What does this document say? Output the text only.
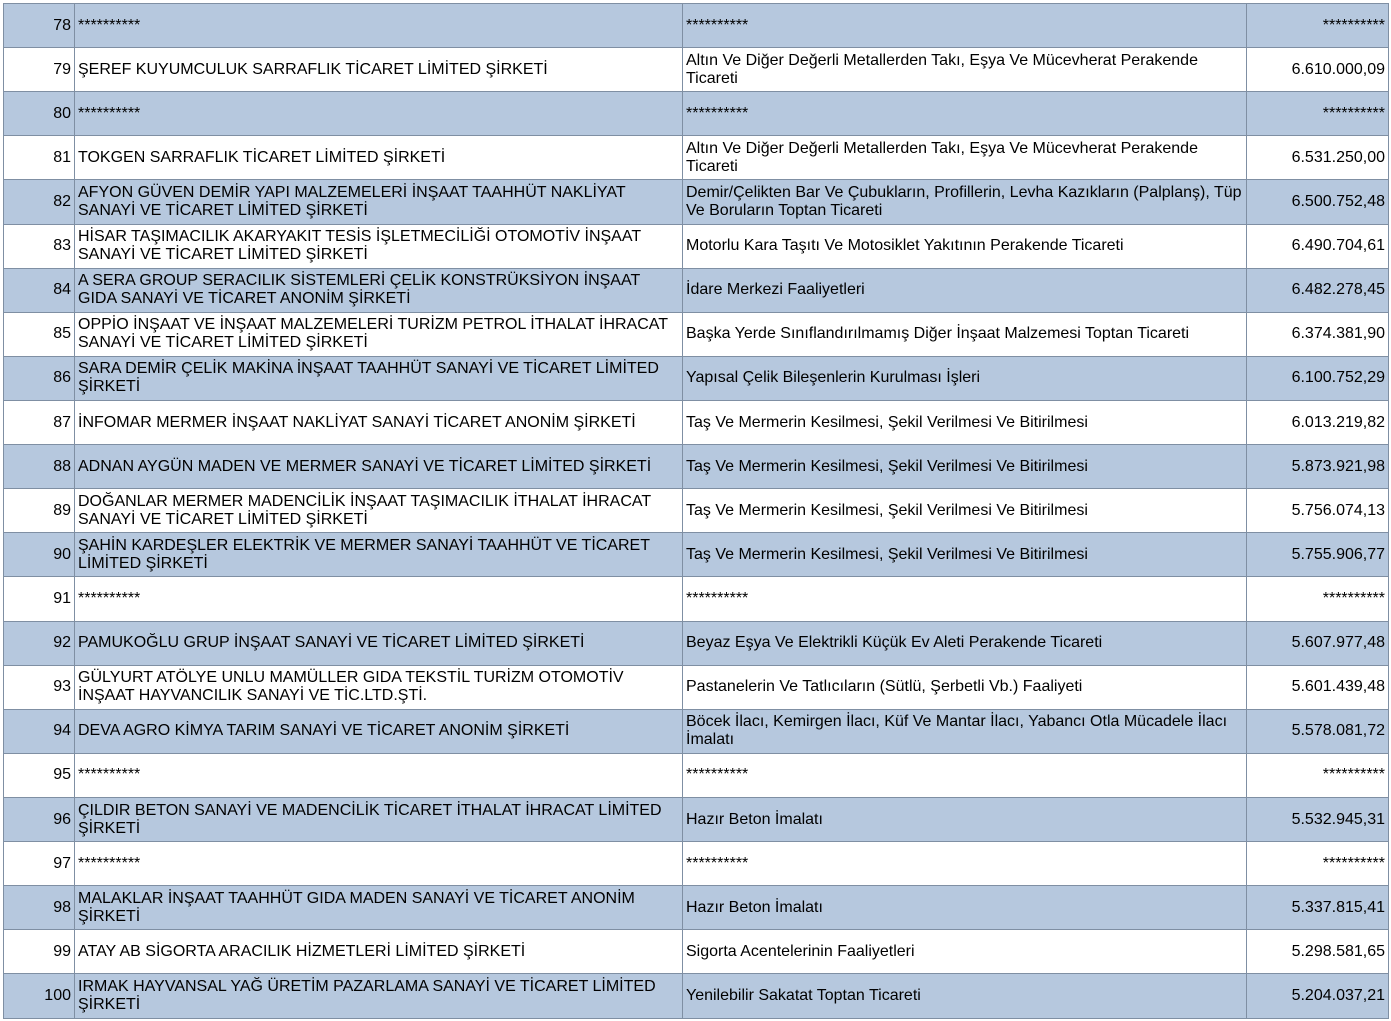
78	**********	**********	**********

79	ŞEREF KUYUMCULUK SARRAFLIK TİCARET LİMİTED ŞİRKETİ	Altın Ve Diğer Değerli Metallerden Takı, Eşya Ve Mücevherat Perakende Ticareti	6.610.000,09

80	**********	**********	**********

81	TOKGEN SARRAFLIK TİCARET LİMİTED ŞİRKETİ	Altın Ve Diğer Değerli Metallerden Takı, Eşya Ve Mücevherat Perakende Ticareti	6.531.250,00

82	AFYON GÜVEN DEMİR YAPI MALZEMELERİ İNŞAAT TAAHHÜT NAKLİYAT SANAYİ VE TİCARET LİMİTED ŞİRKETİ	Demir/Çelikten Bar Ve Çubukların, Profillerin, Levha Kazıkların (Palplanş), Tüp Ve Boruların Toptan Ticareti	6.500.752,48

83	HİSAR TAŞIMACILIK AKARYAKIT TESİS İŞLETMECİLİĞİ OTOMOTİV İNŞAAT SANAYİ VE TİCARET LİMİTED ŞİRKETİ	Motorlu Kara Taşıtı Ve Motosiklet Yakıtının Perakende Ticareti	6.490.704,61

84	A SERA GROUP SERACILIK SİSTEMLERİ ÇELİK KONSTRÜKSİYON İNŞAAT GIDA SANAYİ VE TİCARET ANONİM ŞİRKETİ	İdare Merkezi Faaliyetleri	6.482.278,45

85	OPPİO İNŞAAT VE İNŞAAT MALZEMELERİ TURİZM PETROL İTHALAT İHRACAT SANAYİ VE TİCARET LİMİTED ŞİRKETİ	Başka Yerde Sınıflandırılmamış Diğer İnşaat Malzemesi Toptan Ticareti	6.374.381,90

86	SARA DEMİR ÇELİK MAKİNA İNŞAAT TAAHHÜT SANAYİ VE TİCARET LİMİTED ŞİRKETİ	Yapısal Çelik Bileşenlerin Kurulması İşleri	6.100.752,29

87	İNFOMAR MERMER İNŞAAT NAKLİYAT SANAYİ TİCARET ANONİM ŞİRKETİ	Taş Ve Mermerin Kesilmesi, Şekil Verilmesi Ve Bitirilmesi	6.013.219,82

88	ADNAN AYGÜN MADEN VE MERMER SANAYİ VE TİCARET LİMİTED ŞİRKETİ	Taş Ve Mermerin Kesilmesi, Şekil Verilmesi Ve Bitirilmesi	5.873.921,98

89	DOĞANLAR MERMER MADENCİLİK İNŞAAT TAŞIMACILIK İTHALAT İHRACAT SANAYİ VE TİCARET LİMİTED ŞİRKETİ	Taş Ve Mermerin Kesilmesi, Şekil Verilmesi Ve Bitirilmesi	5.756.074,13

90	ŞAHİN KARDEŞLER ELEKTRİK VE MERMER SANAYİ TAAHHÜT VE TİCARET LİMİTED ŞİRKETİ	Taş Ve Mermerin Kesilmesi, Şekil Verilmesi Ve Bitirilmesi	5.755.906,77

91	**********	**********	**********

92	PAMUKOĞLU GRUP İNŞAAT SANAYİ VE TİCARET LİMİTED ŞİRKETİ	Beyaz Eşya Ve Elektrikli Küçük Ev Aleti Perakende Ticareti	5.607.977,48

93	GÜLYURT ATÖLYE UNLU MAMÜLLER GIDA TEKSTİL TURİZM OTOMOTİV İNŞAAT HAYVANCILIK SANAYİ VE TİC.LTD.ŞTİ.	Pastanelerin Ve Tatlıcıların (Sütlü, Şerbetli Vb.) Faaliyeti	5.601.439,48

94	DEVA AGRO KİMYA TARIM SANAYİ VE TİCARET ANONİM ŞİRKETİ	Böcek İlacı, Kemirgen İlacı, Küf Ve Mantar İlacı, Yabancı Otla Mücadele İlacı İmalatı	5.578.081,72

95	**********	**********	**********

96	ÇILDIR BETON SANAYİ VE MADENCİLİK TİCARET İTHALAT İHRACAT LİMİTED ŞİRKETİ	Hazır Beton İmalatı	5.532.945,31

97	**********	**********	**********

98	MALAKLAR İNŞAAT TAAHHÜT GIDA MADEN SANAYİ VE TİCARET ANONİM ŞİRKETİ	Hazır Beton İmalatı	5.337.815,41

99	ATAY AB SİGORTA ARACILIK HİZMETLERİ LİMİTED ŞİRKETİ	Sigorta Acentelerinin Faaliyetleri	5.298.581,65

100	IRMAK HAYVANSAL YAĞ ÜRETİM PAZARLAMA SANAYİ VE TİCARET LİMİTED ŞİRKETİ	Yenilebilir Sakatat Toptan Ticareti	5.204.037,21
